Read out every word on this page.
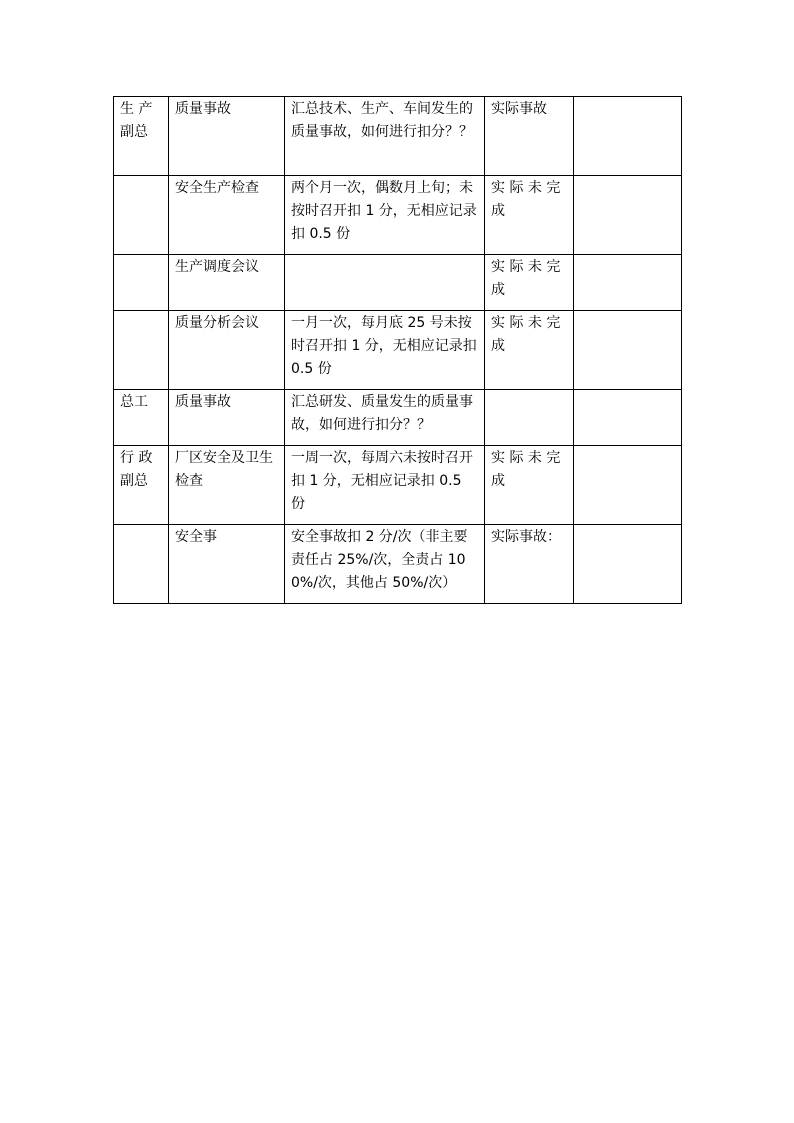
生 产副总	质量事故	汇总技术、生产、车间发生的质量事故，如何进行扣分？？	实际事故	
	安全生产检查	两个月一次，偶数月上旬；未按时召开扣 1 分，无相应记录扣 0.5 份	实 际 未 完成	
	生产调度会议		实 际 未 完成	
	质量分析会议	一月一次，每月底 25 号未按时召开扣 1 分，无相应记录扣 0.5 份	实 际 未 完成	
总工	质量事故	汇总研发、质量发生的质量事故，如何进行扣分？？		
行 政副总	厂区安全及卫生检查	一周一次，每周六未按时召开扣 1 分，无相应记录扣 0.5 份	实 际 未 完成	
	安全事	安全事故扣 2 分/次（非主要责任占 25%/次，全责占 100%/次，其他占 50%/次）	实际事故：	
